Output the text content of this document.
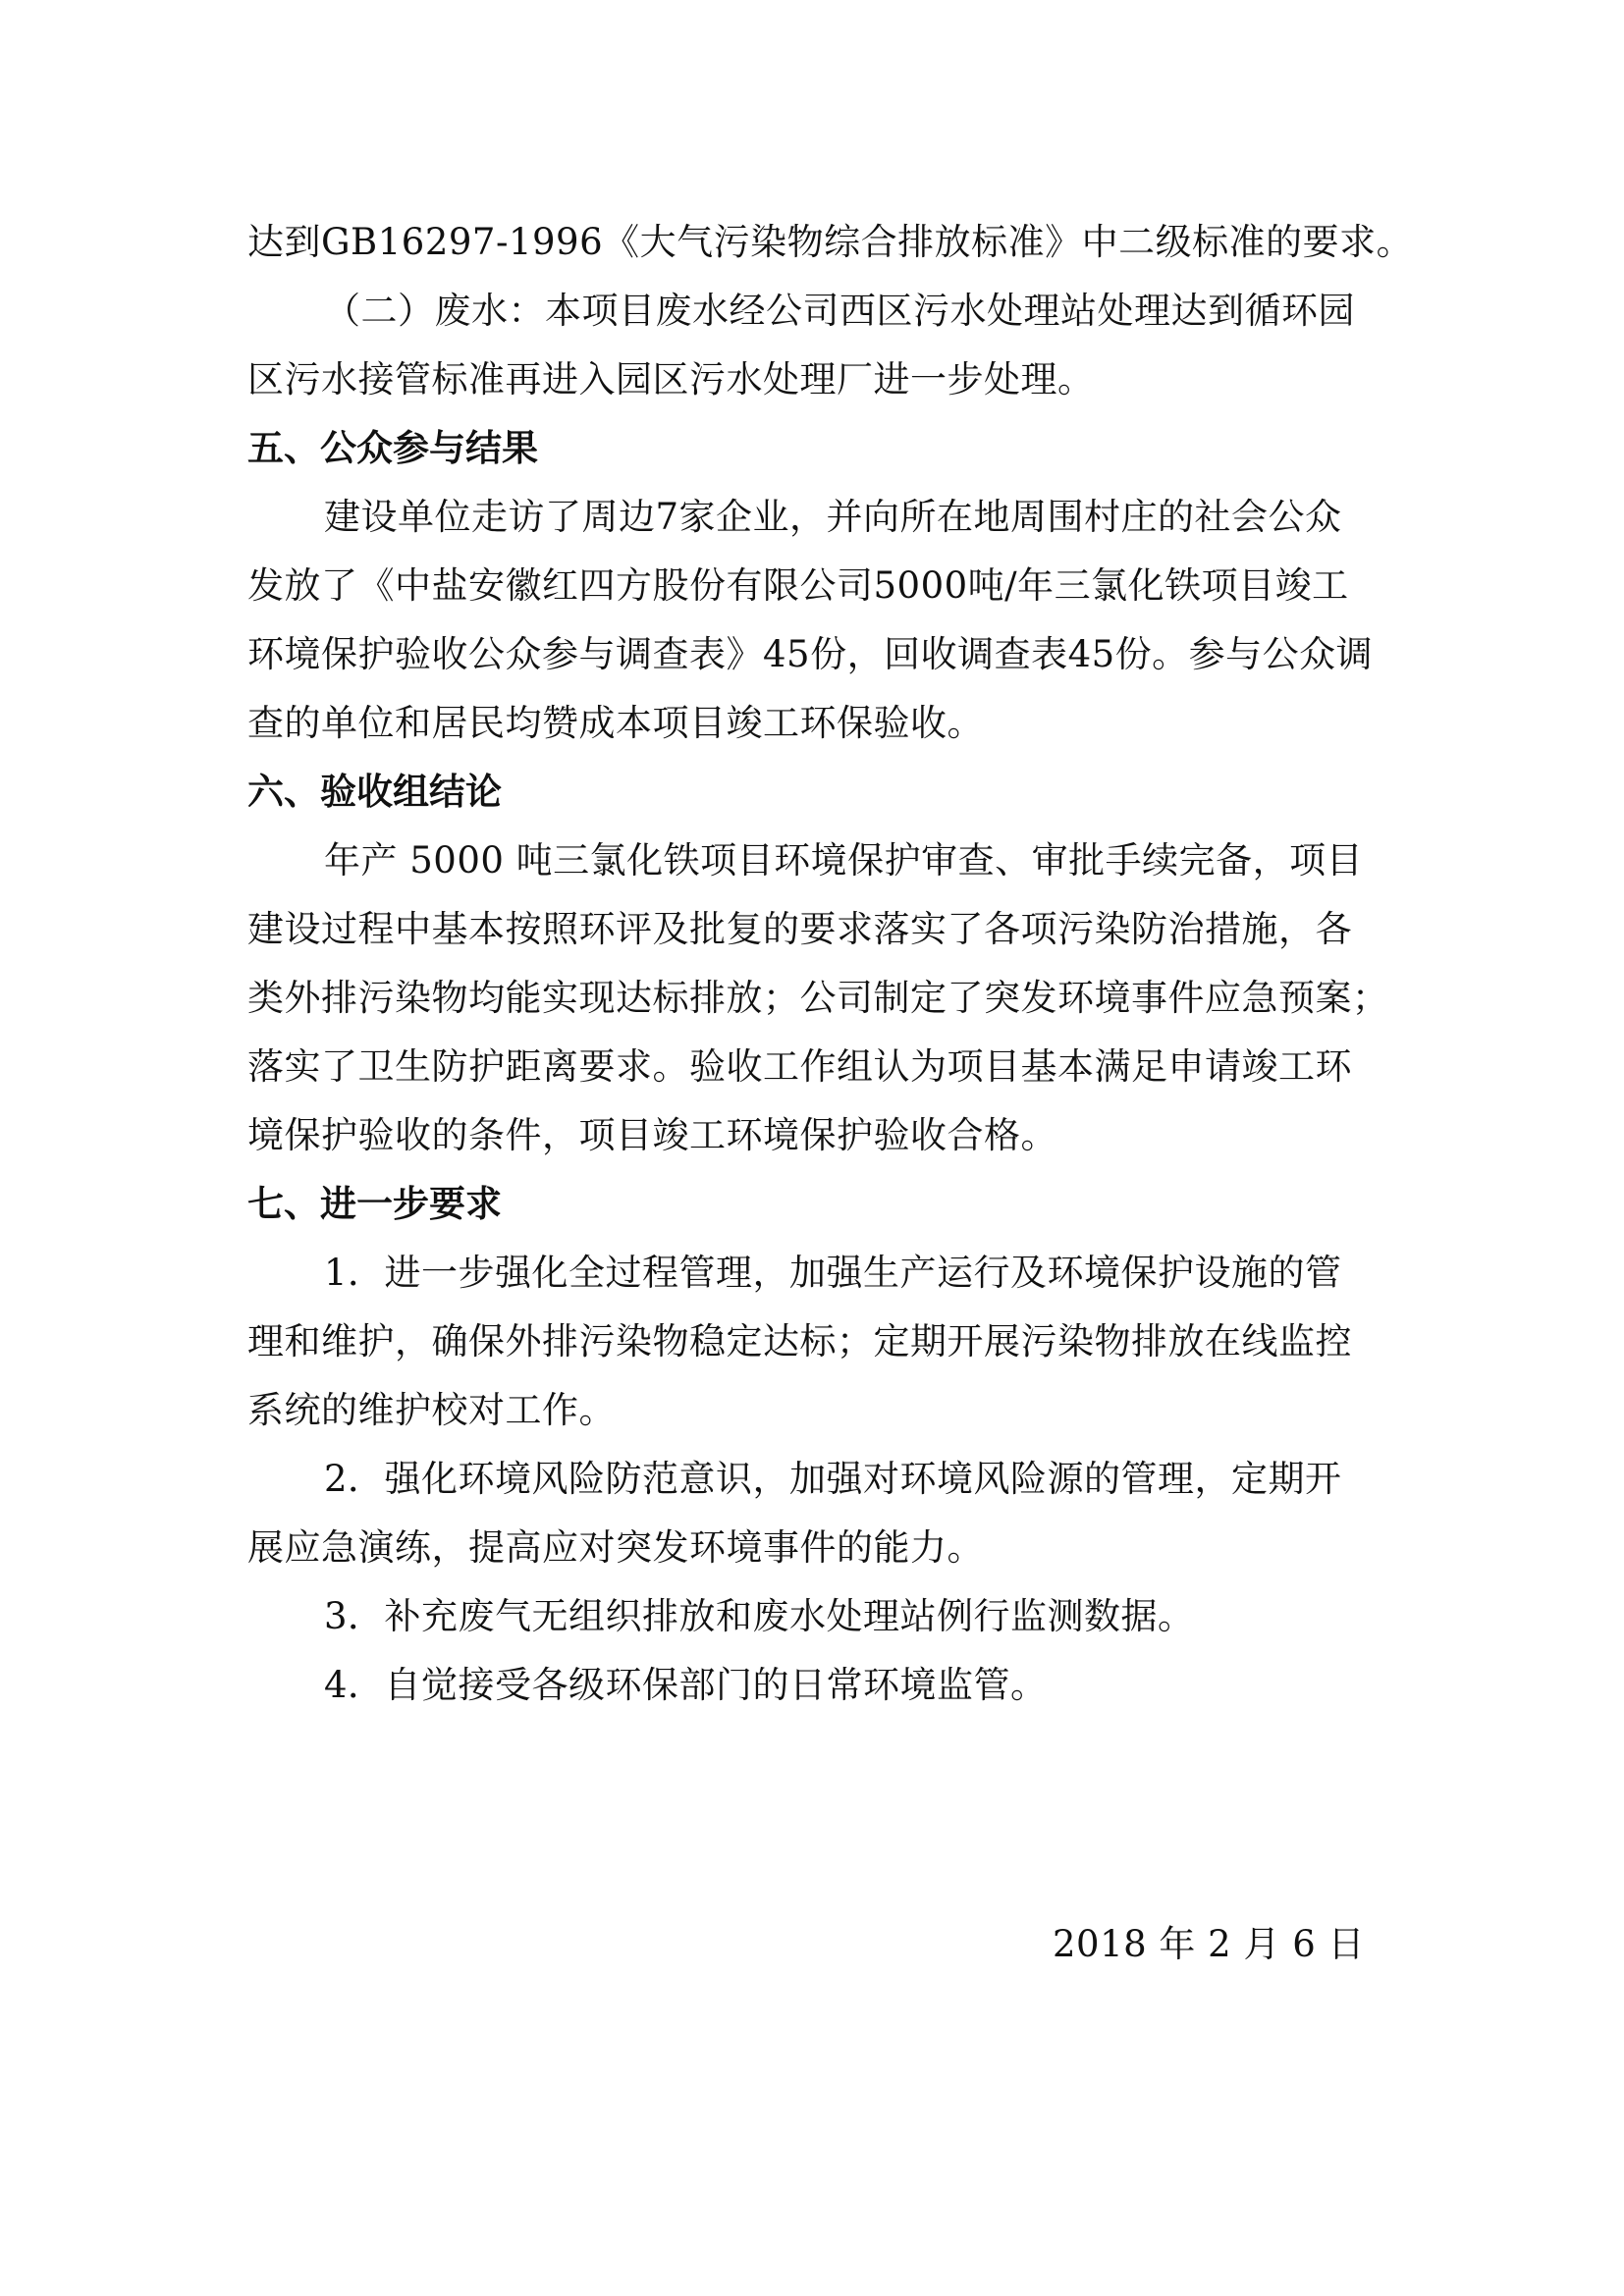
达到GB16297-1996《大气污染物综合排放标准》中二级标准的要求。
（二）废水：本项目废水经公司西区污水处理站处理达到循环园
区污水接管标准再进入园区污水处理厂进一步处理。
五、公众参与结果
建设单位走访了周边7家企业，并向所在地周围村庄的社会公众
发放了《中盐安徽红四方股份有限公司5000吨/年三氯化铁项目竣工
环境保护验收公众参与调查表》45份，回收调查表45份。参与公众调
查的单位和居民均赞成本项目竣工环保验收。
六、验收组结论
年产 5000 吨三氯化铁项目环境保护审查、审批手续完备，项目
建设过程中基本按照环评及批复的要求落实了各项污染防治措施，各
类外排污染物均能实现达标排放；公司制定了突发环境事件应急预案；
落实了卫生防护距离要求。验收工作组认为项目基本满足申请竣工环
境保护验收的条件，项目竣工环境保护验收合格。
七、进一步要求
1．进一步强化全过程管理，加强生产运行及环境保护设施的管
理和维护，确保外排污染物稳定达标；定期开展污染物排放在线监控
系统的维护校对工作。
2．强化环境风险防范意识，加强对环境风险源的管理，定期开
展应急演练，提高应对突发环境事件的能力。
3．补充废气无组织排放和废水处理站例行监测数据。
4．自觉接受各级环保部门的日常环境监管。
2018 年 2 月 6 日
